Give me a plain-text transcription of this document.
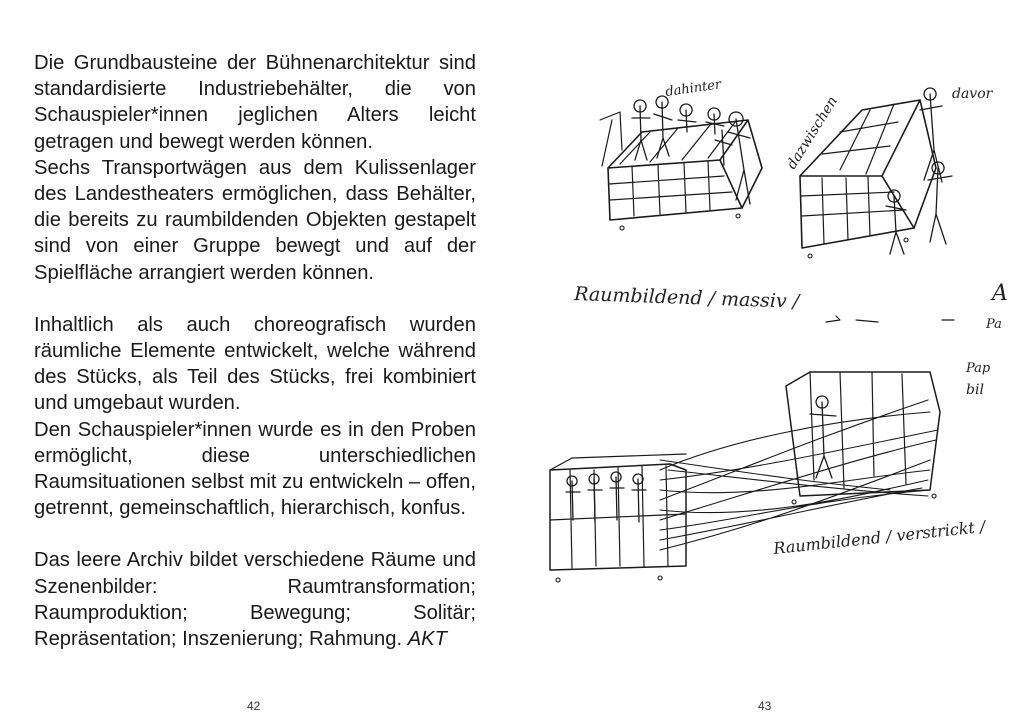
Die Grundbausteine der Bühnenarchitektur sind standardisierte Industriebehälter, die von Schauspieler*innen jeglichen Alters leicht getragen und bewegt werden können.

Sechs Transportwägen aus dem Kulissenlager des Landestheaters ermöglichen, dass Behälter, die bereits zu raumbildenden Objekten gestapelt sind von einer Gruppe bewegt und auf der Spielfläche arrangiert werden können.

Inhaltlich als auch choreografisch wurden räumliche Elemente entwickelt, welche während des Stücks, als Teil des Stücks, frei kombiniert und umgebaut wurden.

Den Schauspieler*innen wurde es in den Proben ermöglicht, diese unterschiedlichen Raumsituationen selbst mit zu entwickeln – offen, getrennt, gemeinschaftlich, hierarchisch, konfus.

Das leere Archiv bildet verschiedene Räume und Szenenbilder: Raumtransformation; Raumproduktion; Bewegung; Solitär; Repräsentation; Inszenierung; Rahmung. AKT

42
dahinter	davor
dazwischen
Raumbildend / massiv /
Raumbildend / verstrickt /
A
Pa
Pap
bil
43
